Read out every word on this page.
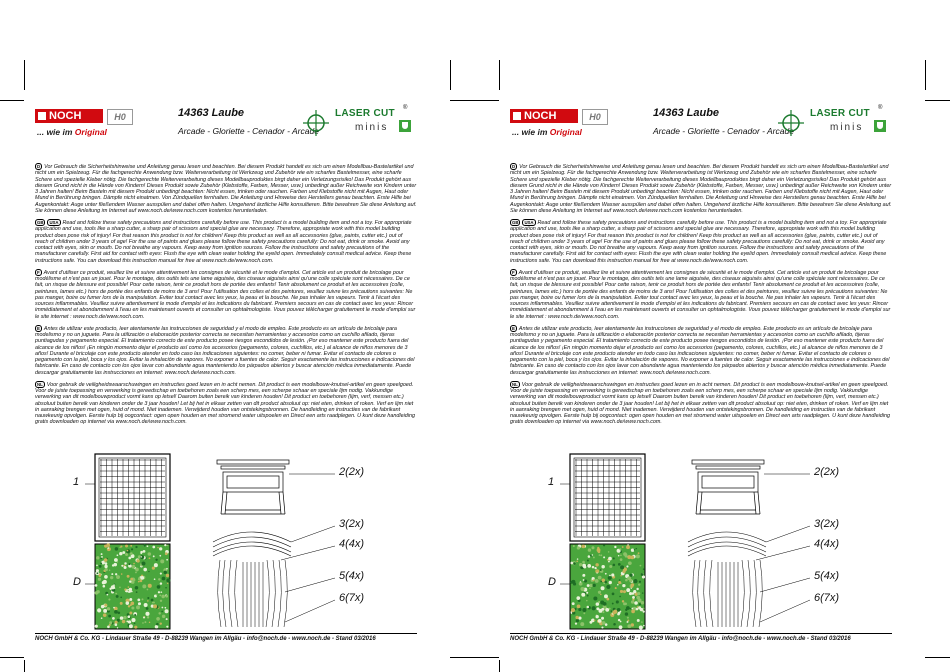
NOCH
... wie im Original
H0	14363 Laube
Arcade - Gloriette - Cenador - Arcade
LASER CUT ®
minis
D Vor Gebrauch die Sicherheitshinweise und Anleitung genau lesen und beachten. Bei diesem Produkt handelt es sich um einen Modellbau-Bastelartikel und nicht um ein Spielzeug. Für die fachgerechte Anwendung bzw. Weiterverarbeitung ist Werkzeug und Zubehör wie ein scharfes Bastelmesser, eine scharfe Schere und spezielle Kleber nötig. Die fachgerechte Weiterverarbeitung dieses Modellbauproduktes birgt daher ein Verletzungsrisiko! Das Produkt gehört aus diesem Grund nicht in die Hände von Kindern! Dieses Produkt sowie Zubehör (Klebstoffe, Farben, Messer, usw.) unbedingt außer Reichweite von Kindern unter 3 Jahren halten! Beim Basteln mit diesem Produkt unbedingt beachten: Nicht essen, trinken oder rauchen. Farben und Klebstoffe nicht mit Augen, Haut oder Mund in Berührung bringen. Dämpfe nicht einatmen. Von Zündquellen fernhalten. Die Anleitung und Hinweise des Herstellers genau beachten. Erste Hilfe bei Augenkontakt: Auge unter fließendem Wasser ausspülen und dabei offen halten. Umgehend ärztliche Hilfe konsultieren. Bitte bewahren Sie diese Anleitung auf. Sie können diese Anleitung im Internet auf www.noch.de/www.noch.com kostenlos herunterladen.
GB USA Read and follow these safety precautions and instructions carefully before use. This product is a model building item and not a toy. For appropriate application and use, tools like a sharp cutter, a sharp pair of scissors and special glue are necessary. Therefore, appropriate work with this model building product does pose risk of injury! For that reason this product is not for children! Keep this product as well as all accessories (glue, paints, cutter etc.) out of reach of children under 3 years of age! For the use of paints and glues please follow these safety precautions carefully: Do not eat, drink or smoke. Avoid any contact with eyes, skin or mouth. Do not breathe any vapours. Keep away from ignition sources. Follow the instructions and safety precautions of the manufacturer carefully. First aid for contact with eyes: Flush the eye with clean water holding the eyelid open. Immediately consult medical advice. Keep these instructions safe. You can download this instruction manual for free at www.noch.de/www.noch.com.
F Avant d'utiliser ce produit, veuillez lire et suivre attentivement les consignes de sécurité et le mode d'emploi. Cet article est un produit de bricolage pour modélisme et n'est pas un jouet. Pour le montage, des outils tels une lame aiguisée, des ciseaux aiguisés ainsi qu'une colle spéciale sont nécessaires. De ce fait, un risque de blessure est possible! Pour cette raison, tenir ce produit hors de portée des enfants! Tenir absolument ce produit et les accessoires (colle, peintures, lames etc.) hors de portée des enfants de moins de 3 ans! Pour l'utilisation des colles et des peintures, veuillez suivre les précautions suivantes: Ne pas manger, boire ou fumer lors de la manipulation. Eviter tout contact avec les yeux, la peau et la bouche. Ne pas inhaler les vapeurs. Tenir à l'écart des sources inflammables. Veuillez suivre attentivement le mode d'emploi et les indications du fabricant. Premiers secours en cas de contact avec les yeux: Rincer immédiatement et abondamment à l'eau en les maintenant ouverts et consulter un ophtalmologiste. Vous pouvez télécharger gratuitement le mode d'emploi sur le site internet : www.noch.de/www.noch.com.
E Antes de utilizar este producto, leer atentamente las instrucciones de seguridad y el modo de empleo. Este producto es un artículo de bricolaje para modelismo y no un juguete. Para la utilización o elaboración posterior correcta se necesitan herramientas y accesorios como un cuchillo afilado, tijeras puntiagudas y pegamento especial. El tratamiento correcto de este producto posee riesgos escondidos de lesión. ¡Por eso mantener este producto fuera del alcance de los niños! ¡En ningún momento dejar el producto así como los accesorios (pegamento, colores, cuchillos, etc.) al alcance de niños menores de 3 años! Durante el bricolaje con este producto atender en todo caso las indicaciones siguientes: no comer, beber ni fumar. Evitar el contacto de colores o pegamento con la piel, boca y los ojos. Evitar la inhalación de vapores. No exponer a fuentes de calor. Seguir exactamente las instrucciones e indicaciones del fabricante. En caso de contacto con los ojos lavar con abundante agua manteniendo los párpados abiertos y buscar atención médica inmediatamente. Puede descargar gratuitamente las instrucciones en internet: www.noch.de/www.noch.com.
NL Voor gebruik de veiligheidswaarschuwingen en instructies goed lezen en in acht nemen. Dit product is een modelbouw-knutsel-artikel en geen speelgoed. Voor de juiste toepassing en verwerking is gereedschap en toebehoren zoals een scherp mes, een scherpe schaar en speciale lijm nodig. Vakkundige verwerking van dit modelbouwproduct vormt kans op letsel! Daarom buiten bereik van kinderen houden! Dit product en toebehoren (lijm, verf, messen etc.) absoluut buiten bereik van kinderen onder de 3 jaar houden! Let bij het in elkaar zetten van dit product absoluut op: niet eten, drinken of roken. Verf en lijm niet in aanraking brengen met ogen, huid of mond. Niet inademen. Verwijderd houden van ontstekingsbronnen. De handleiding en instructies van de fabrikant nauwkeurig opvolgen. Eerste hulp bij oogcontact: ogen open houden en met stromend water uitspoelen en Direct een arts raadplegen. U kunt deze handleiding gratis downloaden op internet via www.noch.de/www.noch.com.
1
D
2(2x)
3(2x)
4(4x)
5(4x)
6(7x)
NOCH GmbH & Co. KG - Lindauer Straße 49 - D-88239 Wangen im Allgäu - info@noch.de - www.noch.de - Stand 03/2016
NOCH
... wie im Original
H0	14363 Laube
Arcade - Gloriette - Cenador - Arcade
LASER CUT ®
minis
D Vor Gebrauch die Sicherheitshinweise und Anleitung genau lesen und beachten. Bei diesem Produkt handelt es sich um einen Modellbau-Bastelartikel und nicht um ein Spielzeug. Für die fachgerechte Anwendung bzw. Weiterverarbeitung ist Werkzeug und Zubehör wie ein scharfes Bastelmesser, eine scharfe Schere und spezielle Kleber nötig. Die fachgerechte Weiterverarbeitung dieses Modellbauproduktes birgt daher ein Verletzungsrisiko! Das Produkt gehört aus diesem Grund nicht in die Hände von Kindern! Dieses Produkt sowie Zubehör (Klebstoffe, Farben, Messer, usw.) unbedingt außer Reichweite von Kindern unter 3 Jahren halten! Beim Basteln mit diesem Produkt unbedingt beachten: Nicht essen, trinken oder rauchen. Farben und Klebstoffe nicht mit Augen, Haut oder Mund in Berührung bringen. Dämpfe nicht einatmen. Von Zündquellen fernhalten. Die Anleitung und Hinweise des Herstellers genau beachten. Erste Hilfe bei Augenkontakt: Auge unter fließendem Wasser ausspülen und dabei offen halten. Umgehend ärztliche Hilfe konsultieren. Bitte bewahren Sie diese Anleitung auf. Sie können diese Anleitung im Internet auf www.noch.de/www.noch.com kostenlos herunterladen.
GB USA Read and follow these safety precautions and instructions carefully before use. This product is a model building item and not a toy. For appropriate application and use, tools like a sharp cutter, a sharp pair of scissors and special glue are necessary. Therefore, appropriate work with this model building product does pose risk of injury! For that reason this product is not for children! Keep this product as well as all accessories (glue, paints, cutter etc.) out of reach of children under 3 years of age! For the use of paints and glues please follow these safety precautions carefully: Do not eat, drink or smoke. Avoid any contact with eyes, skin or mouth. Do not breathe any vapours. Keep away from ignition sources. Follow the instructions and safety precautions of the manufacturer carefully. First aid for contact with eyes: Flush the eye with clean water holding the eyelid open. Immediately consult medical advice. Keep these instructions safe. You can download this instruction manual for free at www.noch.de/www.noch.com.
F Avant d'utiliser ce produit, veuillez lire et suivre attentivement les consignes de sécurité et le mode d'emploi. Cet article est un produit de bricolage pour modélisme et n'est pas un jouet. Pour le montage, des outils tels une lame aiguisée, des ciseaux aiguisés ainsi qu'une colle spéciale sont nécessaires. De ce fait, un risque de blessure est possible! Pour cette raison, tenir ce produit hors de portée des enfants! Tenir absolument ce produit et les accessoires (colle, peintures, lames etc.) hors de portée des enfants de moins de 3 ans! Pour l'utilisation des colles et des peintures, veuillez suivre les précautions suivantes: Ne pas manger, boire ou fumer lors de la manipulation. Eviter tout contact avec les yeux, la peau et la bouche. Ne pas inhaler les vapeurs. Tenir à l'écart des sources inflammables. Veuillez suivre attentivement le mode d'emploi et les indications du fabricant. Premiers secours en cas de contact avec les yeux: Rincer immédiatement et abondamment à l'eau en les maintenant ouverts et consulter un ophtalmologiste. Vous pouvez télécharger gratuitement le mode d'emploi sur le site internet : www.noch.de/www.noch.com.
E Antes de utilizar este producto, leer atentamente las instrucciones de seguridad y el modo de empleo. Este producto es un artículo de bricolaje para modelismo y no un juguete. Para la utilización o elaboración posterior correcta se necesitan herramientas y accesorios como un cuchillo afilado, tijeras puntiagudas y pegamento especial. El tratamiento correcto de este producto posee riesgos escondidos de lesión. ¡Por eso mantener este producto fuera del alcance de los niños! ¡En ningún momento dejar el producto así como los accesorios (pegamento, colores, cuchillos, etc.) al alcance de niños menores de 3 años! Durante el bricolaje con este producto atender en todo caso las indicaciones siguientes: no comer, beber ni fumar. Evitar el contacto de colores o pegamento con la piel, boca y los ojos. Evitar la inhalación de vapores. No exponer a fuentes de calor. Seguir exactamente las instrucciones e indicaciones del fabricante. En caso de contacto con los ojos lavar con abundante agua manteniendo los párpados abiertos y buscar atención médica inmediatamente. Puede descargar gratuitamente las instrucciones en internet: www.noch.de/www.noch.com.
NL Voor gebruik de veiligheidswaarschuwingen en instructies goed lezen en in acht nemen. Dit product is een modelbouw-knutsel-artikel en geen speelgoed. Voor de juiste toepassing en verwerking is gereedschap en toebehoren zoals een scherp mes, een scherpe schaar en speciale lijm nodig. Vakkundige verwerking van dit modelbouwproduct vormt kans op letsel! Daarom buiten bereik van kinderen houden! Dit product en toebehoren (lijm, verf, messen etc.) absoluut buiten bereik van kinderen onder de 3 jaar houden! Let bij het in elkaar zetten van dit product absoluut op: niet eten, drinken of roken. Verf en lijm niet in aanraking brengen met ogen, huid of mond. Niet inademen. Verwijderd houden van ontstekingsbronnen. De handleiding en instructies van de fabrikant nauwkeurig opvolgen. Eerste hulp bij oogcontact: ogen open houden en met stromend water uitspoelen en Direct een arts raadplegen. U kunt deze handleiding gratis downloaden op internet via www.noch.de/www.noch.com.
1
D
2(2x)
3(2x)
4(4x)
5(4x)
6(7x)
NOCH GmbH & Co. KG - Lindauer Straße 49 - D-88239 Wangen im Allgäu - info@noch.de - www.noch.de - Stand 03/2016
